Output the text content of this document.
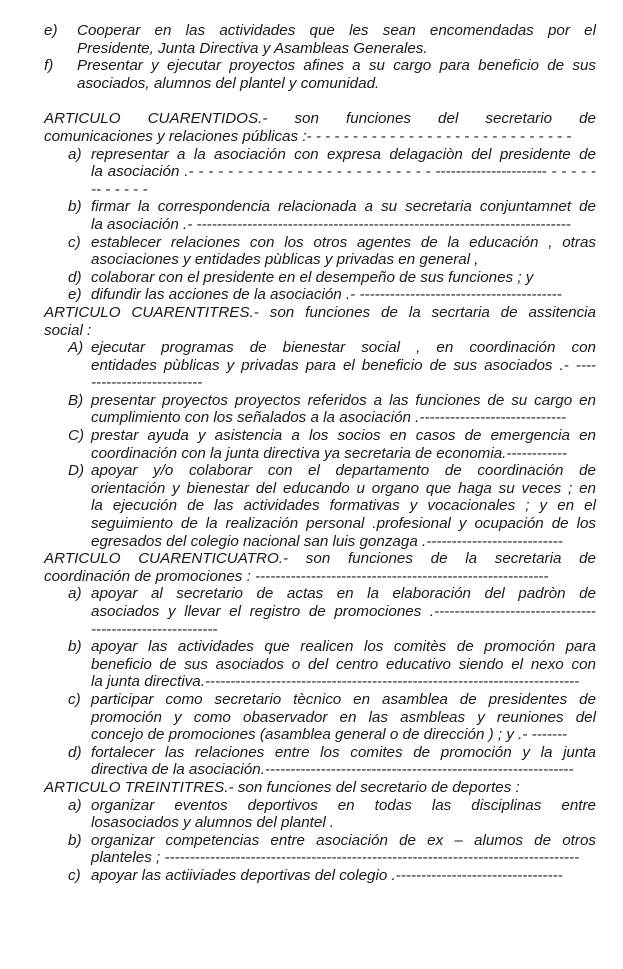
e) Cooperar en las actividades que les sean encomendadas por el
Presidente, Junta Directiva y Asambleas Generales.
f) Presentar y ejecutar proyectos afines a su cargo para beneficio de sus
asociados, alumnos del plantel y comunidad.
ARTICULO CUARENTIDOS.- son funciones del secretario de
comunicaciones y relaciones públicas :- - - - - - - - - - - - - - - - - - - - - - - - - - - - -
a) representar a la asociación con expresa delagaciòn del presidente de
la asociación .- - - - - - - - - - - - - - - - - - - - - - - - - ---------------------- - - - - -
-- - - - - -
b) firmar la correspondencia relacionada a su secretaria conjuntamnet de
la asociación .- --------------------------------------------------------------------------
c) establecer relaciones con los otros agentes de la educación , otras
asociaciones y entidades pùblicas y privadas en general ,
d) colaborar con el presidente en el desempeño de sus funciones ; y
e) difundir las acciones de la asociación .- ----------------------------------------
ARTICULO CUARENTITRES.- son funciones de la secrtaria de assitencia
social :
A) ejecutar programas de bienestar social , en coordinación con
entidades pùblicas y privadas para el beneficio de sus asociados .- ----
----------------------
B) presentar proyectos proyectos referidos a las funciones de su cargo en
cumplimiento con los señalados a la asociación .-----------------------------
C) prestar ayuda y asistencia a los socios en casos de emergencia en
coordinación con la junta directiva ya secretaria de economia.------------
D) apoyar y/o colaborar con el departamento de coordinación de
orientación y bienestar del educando u organo que haga su veces ; en
la ejecución de las actividades formativas y vocacionales ; y en el
seguimiento de la realización personal .profesional y ocupación de los
egresados del colegio nacional san luis gonzaga .---------------------------
ARTICULO CUARENTICUATRO.- son funciones de la secretaria de
coordinación de promociones : ----------------------------------------------------------
a) apoyar al secretario de actas en la elaboración del padròn de
asociados y llevar el registro de promociones .--------------------------------
-------------------------
b) apoyar las actividades que realicen los comitès de promoción para
beneficio de sus asociados o del centro educativo siendo el nexo con
la junta directiva.--------------------------------------------------------------------------
c) participar como secretario tècnico en asamblea de presidentes de
promoción y como obaservador en las asmbleas y reuniones del
concejo de promociones (asamblea general o de dirección ) ; y .- -------
d) fortalecer las relaciones entre los comites de promoción y la junta
directiva de la asociación.-------------------------------------------------------------
ARTICULO TREINTITRES.- son funciones del secretario de deportes :
a) organizar eventos deportivos en todas las disciplinas entre
losasociados y alumnos del plantel .
b) organizar competencias entre asociación de ex – alumos de otros
planteles ; ----------------------------------------------------------------------------------
c) apoyar las actiiviades deportivas del colegio .---------------------------------
